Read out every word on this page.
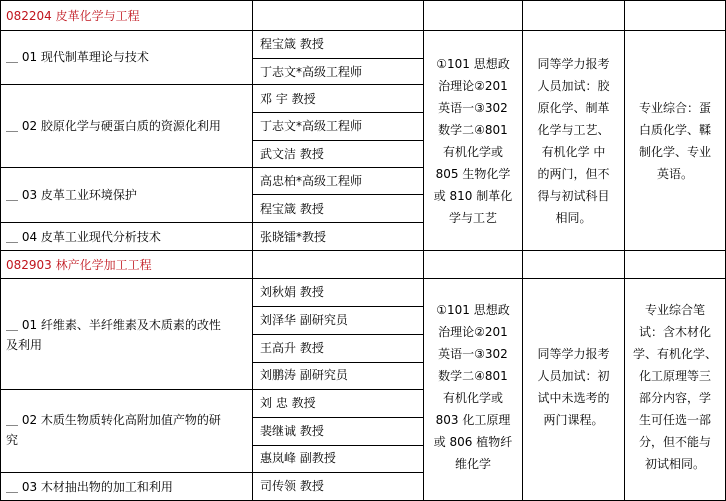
082204 皮革化学与工程
＿ 01 现代制革理论与技术
＿ 02 胶原化学与硬蛋白质的资源化利用
＿ 03 皮革工业环境保护
＿ 04 皮革工业现代分析技术
程宝箴 教授
丁志文*高级工程师
邓 宇 教授
丁志文*高级工程师
武文洁 教授
高忠柏*高级工程师
程宝箴 教授
张晓镭*教授
①101 思想政
治理论②201
英语一③302
数学二④801
有机化学或
805 生物化学
或 810 制革化
学与工艺
同等学力报考
人员加试：胶
原化学、制革
化学与工艺、
有机化学 中
的两门，但不
得与初试科目
相同。
专业综合：蛋
白质化学、鞣
制化学、专业
英语。
082903 林产化学加工工程
＿ 01 纤维素、半纤维素及木质素的改性
及利用
＿ 02 木质生物质转化高附加值产物的研
究
＿ 03 木材抽出物的加工和利用
刘秋娟 教授
刘泽华 副研究员
王高升 教授
刘鹏涛 副研究员
刘 忠 教授
裴继诚 教授
惠岚峰 副教授
司传领 教授
①101 思想政
治理论②201
英语一③302
数学二④801
有机化学或
803 化工原理
或 806 植物纤
维化学
同等学力报考
人员加试：初
试中未选考的
两门课程。
专业综合笔
试：含木材化
学、有机化学、
化工原理等三
部分内容，学
生可任选一部
分，但不能与
初试相同。
